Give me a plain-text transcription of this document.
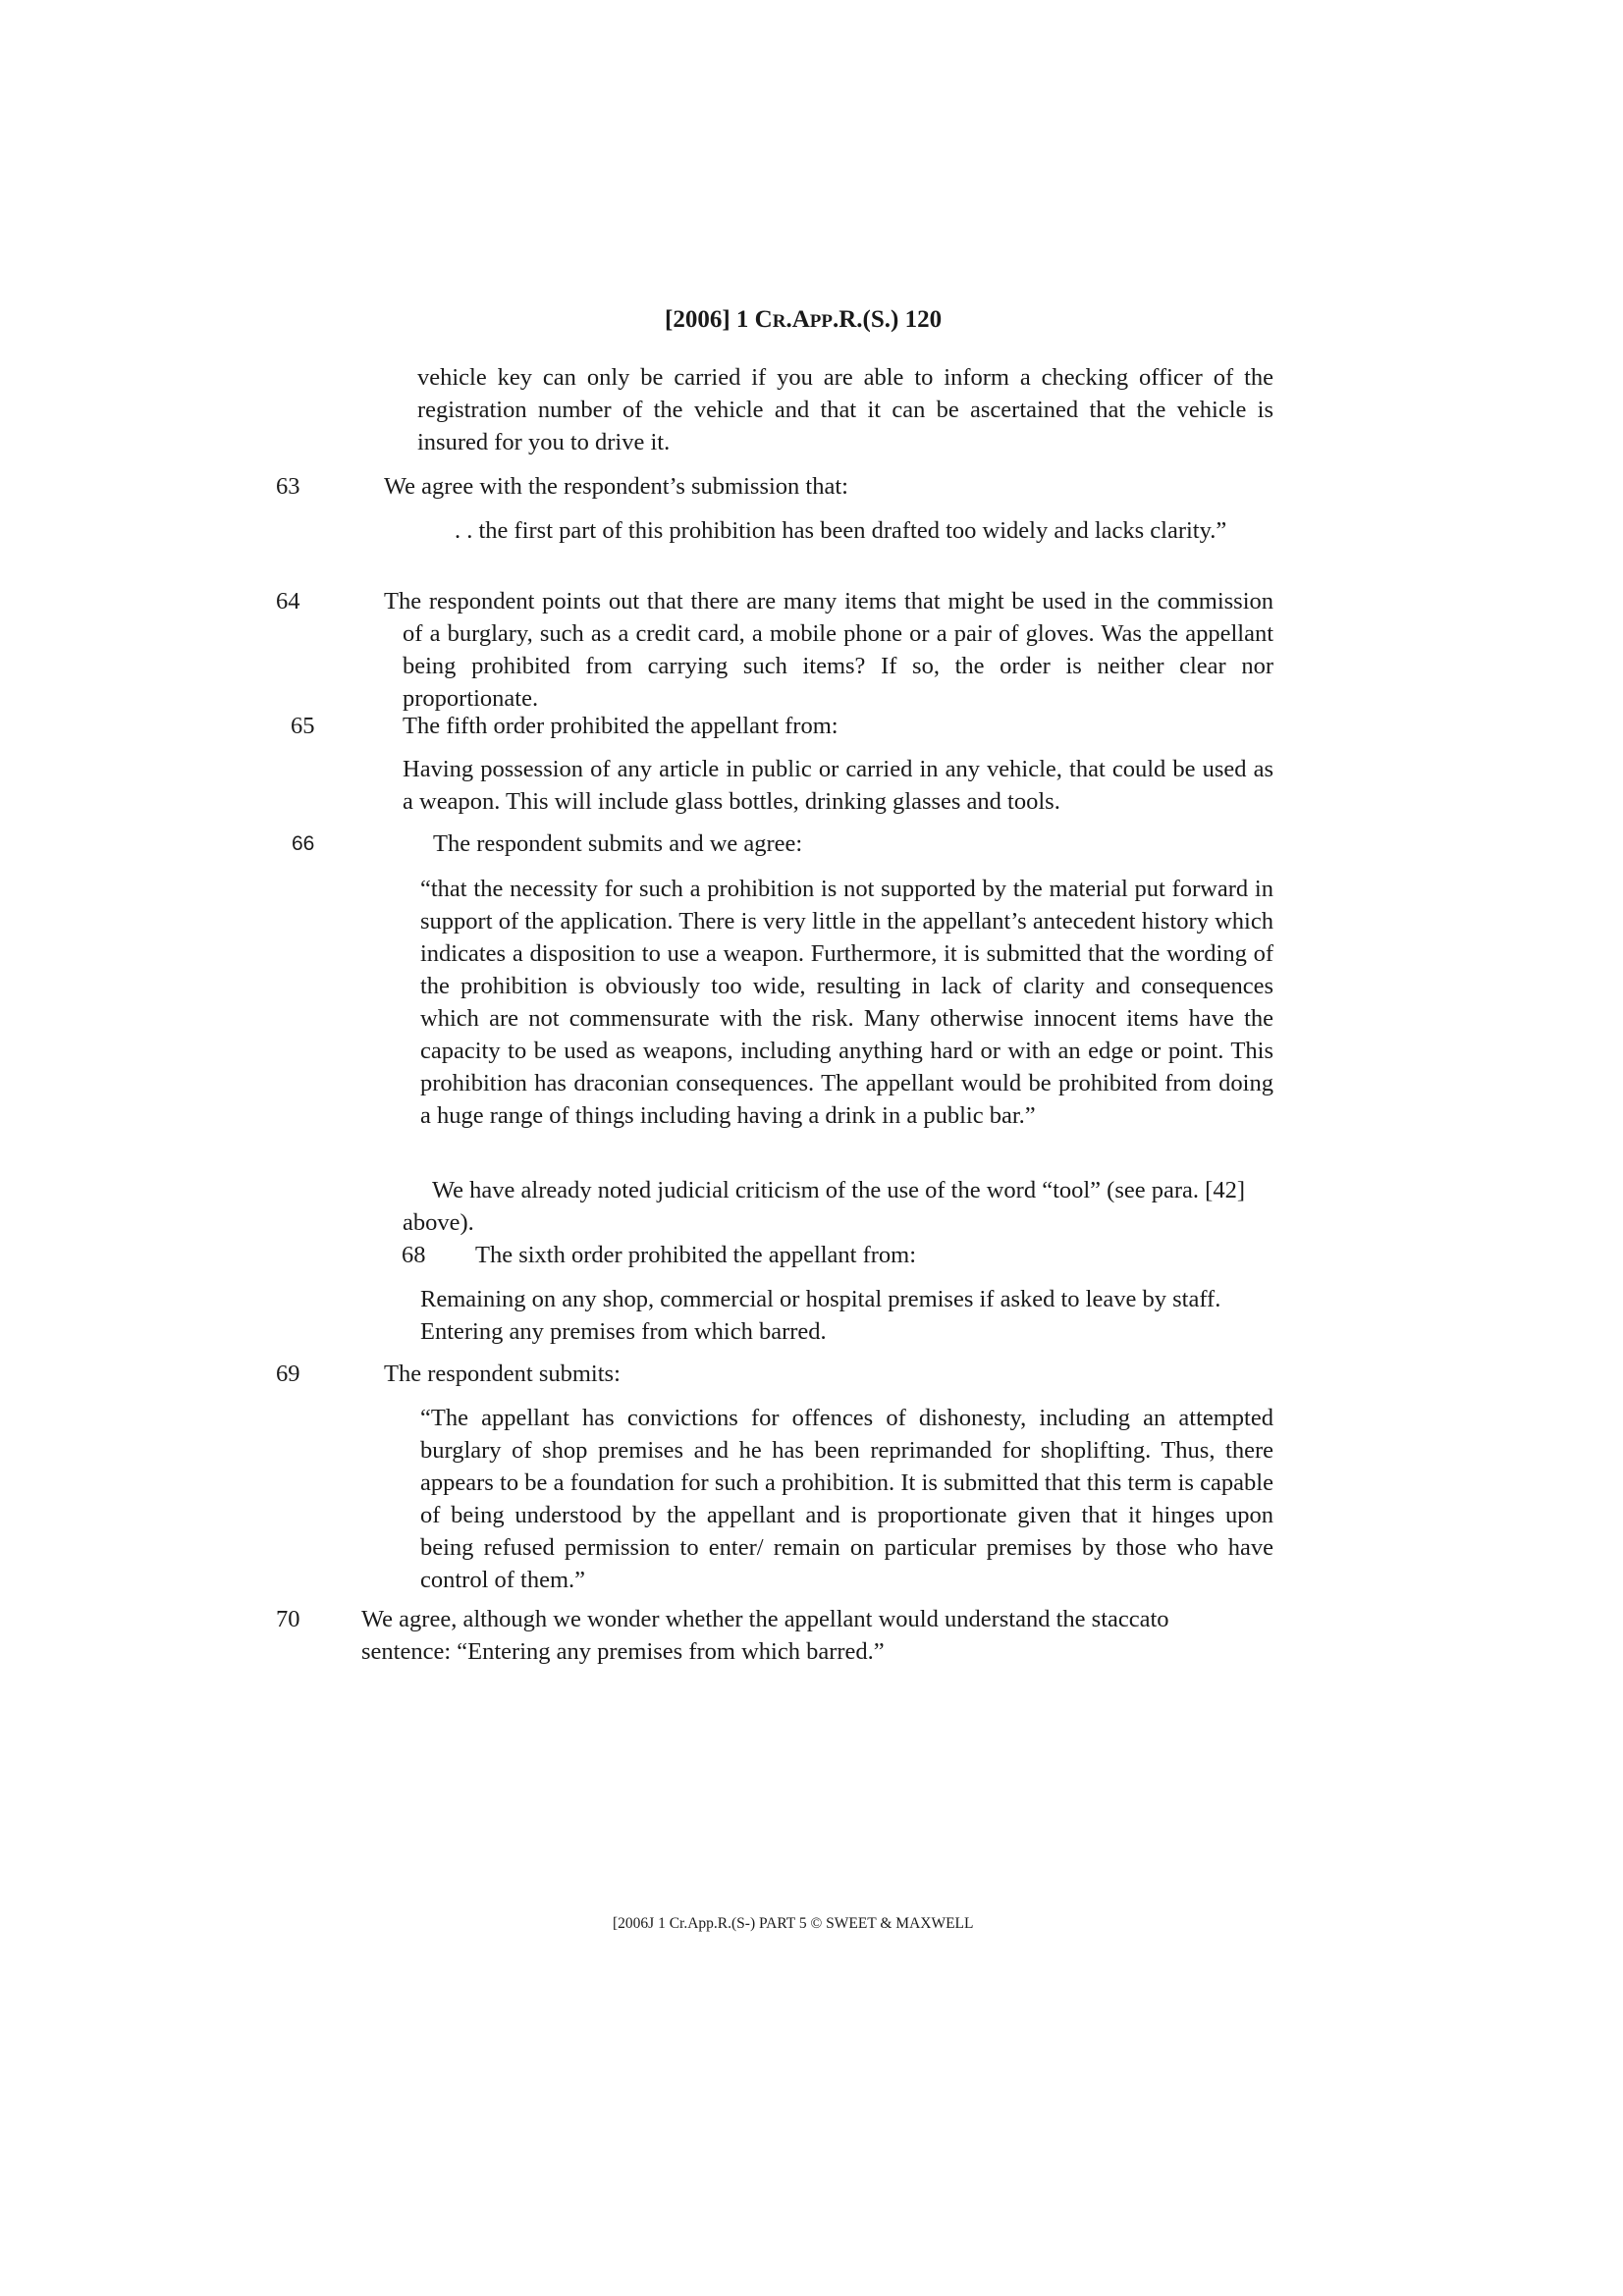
[2006] 1 CR.APP.R.(S.) 120
vehicle key can only be carried if you are able to inform a checking officer of the registration number of the vehicle and that it can be ascertained that the vehicle is insured for you to drive it.
63	We agree with the respondent’s submission that:
. . the first part of this prohibition has been drafted too widely and lacks clarity.”
64	The respondent points out that there are many items that might be used in the commission of a burglary, such as a credit card, a mobile phone or a pair of gloves. Was the appellant being prohibited from carrying such items? If so, the order is neither clear nor proportionate.
65	The fifth order prohibited the appellant from:
Having possession of any article in public or carried in any vehicle, that could be used as a weapon. This will include glass bottles, drinking glasses and tools.
66	The respondent submits and we agree:
“that the necessity for such a prohibition is not supported by the material put forward in support of the application. There is very little in the appellant’s antecedent history which indicates a disposition to use a weapon. Furthermore, it is submitted that the wording of the prohibition is obviously too wide, resulting in lack of clarity and consequences which are not commensurate with the risk. Many otherwise innocent items have the capacity to be used as weapons, including anything hard or with an edge or point. This prohibition has draconian consequences. The appellant would be prohibited from doing a huge range of things including having a drink in a public bar.”
We have already noted judicial criticism of the use of the word “tool” (see para. [42] above).
68 The sixth order prohibited the appellant from:
Remaining on any shop, commercial or hospital premises if asked to leave by staff. Entering any premises from which barred.
69	The respondent submits:
“The appellant has convictions for offences of dishonesty, including an attempted burglary of shop premises and he has been reprimanded for shoplifting. Thus, there appears to be a foundation for such a prohibition. It is submitted that this term is capable of being understood by the appellant and is proportionate given that it hinges upon being refused permission to enter/ remain on particular premises by those who have control of them.”
70	We agree, although we wonder whether the appellant would understand the staccato sentence: “Entering any premises from which barred.”
[2006J 1 Cr.App.R.(S-) PART 5 © SWEET & MAXWELL
